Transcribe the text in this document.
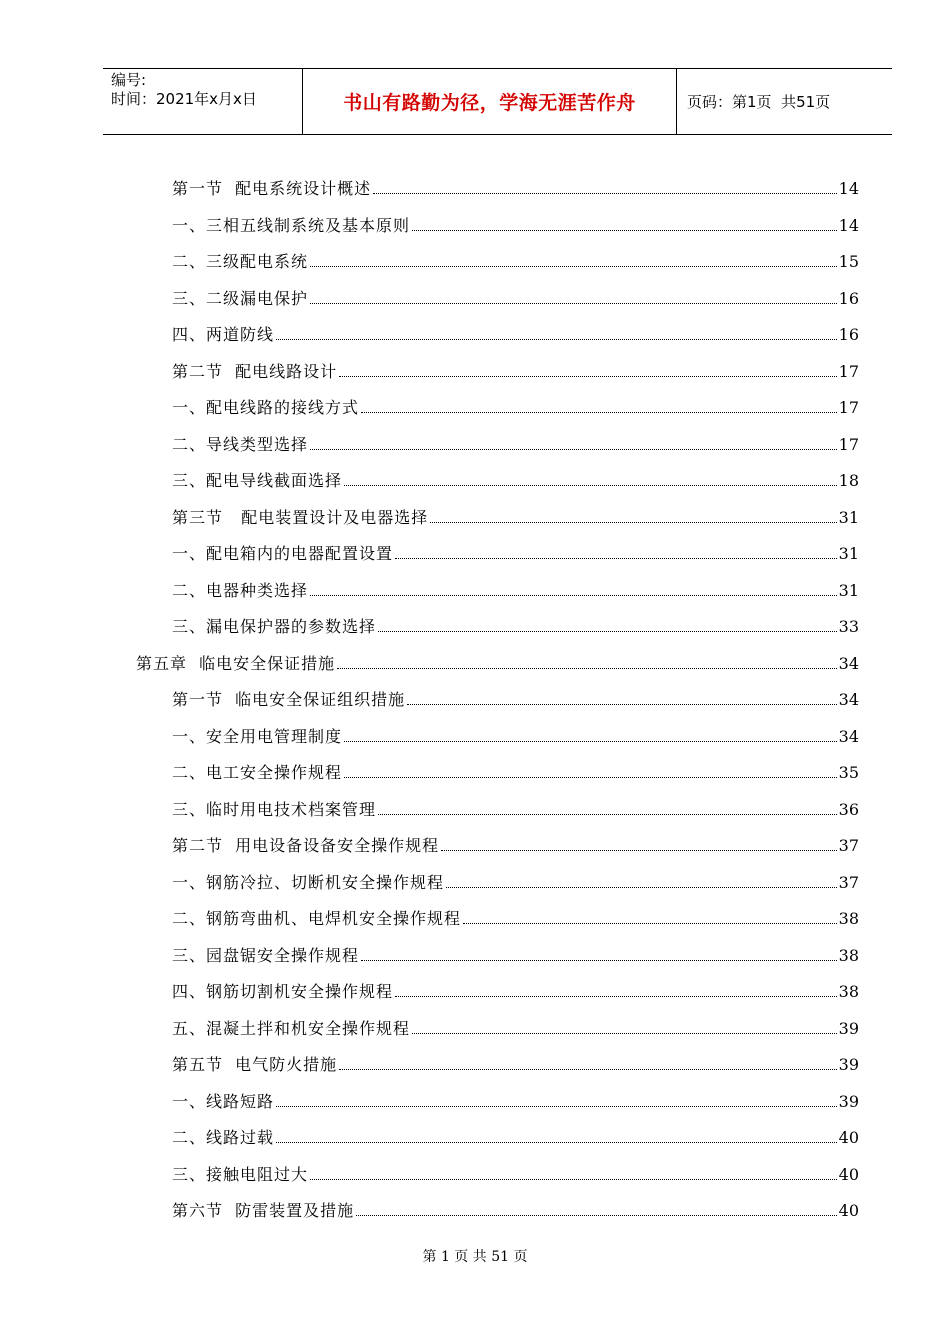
编号:
时间：2021年x月x日	书山有路勤为径，学海无涯苦作舟	页码：第1页  共51页
第一节  配电系统设计概述	14
一、三相五线制系统及基本原则	14
二、三级配电系统	15
三、二级漏电保护	16
四、两道防线	16
第二节  配电线路设计	17
一、配电线路的接线方式	17
二、导线类型选择	17
三、配电导线截面选择	18
第三节   配电装置设计及电器选择	31
一、配电箱内的电器配置设置	31
二、电器种类选择	31
三、漏电保护器的参数选择	33
第五章  临电安全保证措施	34
第一节  临电安全保证组织措施	34
一、安全用电管理制度	34
二、电工安全操作规程	35
三、临时用电技术档案管理	36
第二节  用电设备设备安全操作规程	37
一、钢筋冷拉、切断机安全操作规程	37
二、钢筋弯曲机、电焊机安全操作规程	38
三、园盘锯安全操作规程	38
四、钢筋切割机安全操作规程	38
五、混凝土拌和机安全操作规程	39
第五节  电气防火措施	39
一、线路短路	39
二、线路过载	40
三、接触电阻过大	40
第六节  防雷装置及措施	40
第 1 页 共 51 页
